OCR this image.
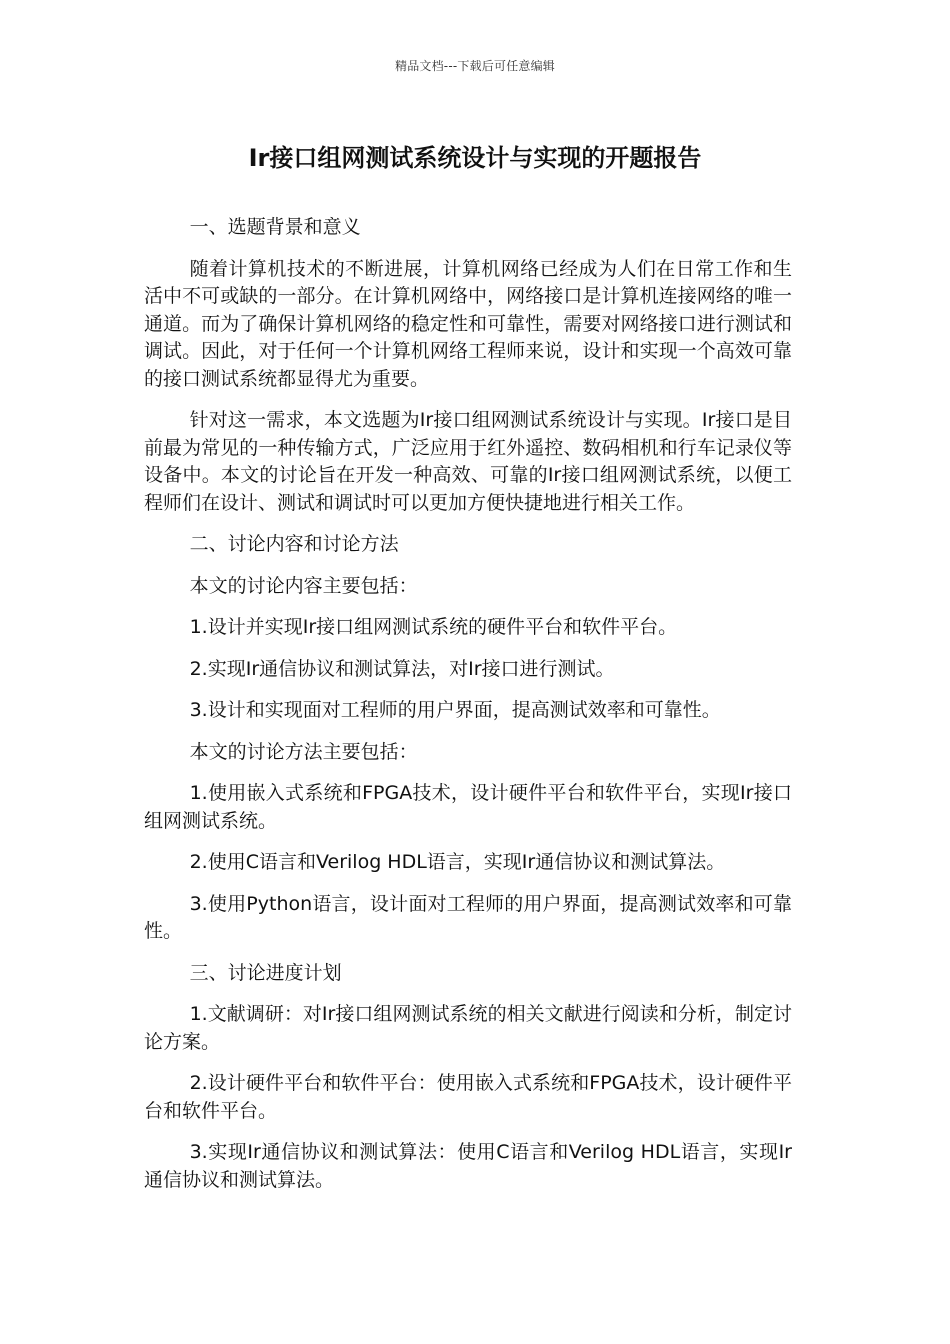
精品文档---下载后可任意编辑
Ir接口组网测试系统设计与实现的开题报告

一、选题背景和意义

随着计算机技术的不断进展，计算机网络已经成为人们在日常工作和生活中不可或缺的一部分。在计算机网络中，网络接口是计算机连接网络的唯一通道。而为了确保计算机网络的稳定性和可靠性，需要对网络接口进行测试和调试。因此，对于任何一个计算机网络工程师来说，设计和实现一个高效可靠的接口测试系统都显得尤为重要。

针对这一需求，本文选题为Ir接口组网测试系统设计与实现。Ir接口是目前最为常见的一种传输方式，广泛应用于红外遥控、数码相机和行车记录仪等设备中。本文的讨论旨在开发一种高效、可靠的Ir接口组网测试系统，以便工程师们在设计、测试和调试时可以更加方便快捷地进行相关工作。

二、讨论内容和讨论方法

本文的讨论内容主要包括：

1.设计并实现Ir接口组网测试系统的硬件平台和软件平台。

2.实现Ir通信协议和测试算法，对Ir接口进行测试。

3.设计和实现面对工程师的用户界面，提高测试效率和可靠性。

本文的讨论方法主要包括：

1.使用嵌入式系统和FPGA技术，设计硬件平台和软件平台，实现Ir接口组网测试系统。

2.使用C语言和Verilog HDL语言，实现Ir通信协议和测试算法。

3.使用Python语言，设计面对工程师的用户界面，提高测试效率和可靠性。

三、讨论进度计划

1.文献调研：对Ir接口组网测试系统的相关文献进行阅读和分析，制定讨论方案。

2.设计硬件平台和软件平台：使用嵌入式系统和FPGA技术，设计硬件平台和软件平台。

3.实现Ir通信协议和测试算法：使用C语言和Verilog HDL语言，实现Ir通信协议和测试算法。
